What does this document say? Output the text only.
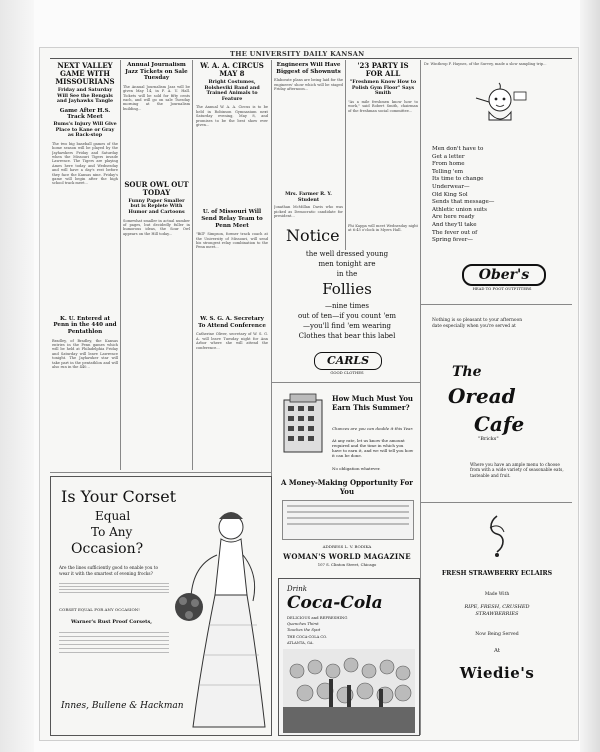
THE UNIVERSITY DAILY KANSAN
NEXT VALLEY GAME WITH MISSOURIANS
Friday and Saturday Will See the Bengals and Jayhawks Tangle
Game After H.S. Track Meet
Bums's Injury Will Give Place to Kane or Gray as Back-stop
The two big baseball games of the home season will be played by the Jayhawkers Friday and Saturday when the Missouri Tigers invade Lawrence. The Tigers are playing Ames here today and Wednesday and will have a day's rest before they face the Kansas nine. Friday's game will begin after the high school track meet...
K. U. Entered at Penn in the 440 and Pentathlon
Bradley, of Bradley, the Kansas entries in the Penn games which will be held at Philadelphia Friday and Saturday will leave Lawrence tonight. The Jayhawker star will take part in the pentathlon and will also run in the 440...
Annual Journalism Jazz Tickets on Sale Tuesday
The Annual Journalism Jazz will be given May 14, in F. A. U. Hall. Tickets will be sold for fifty cents each, and will go on sale Tuesday morning at the Journalism building...
SOUR OWL OUT TODAY
Funny Paper Smaller but is Replete With Humor and Cartoons
Somewhat smaller in actual number of pages, but decidedly fuller in humorous ideas, the Sour Owl appears on the Hill today...
W. A. A. CIRCUS MAY 8
Bright Costumes, Bolsheviki Band and Trained Animals to Feature
The Annual W. A. A. Circus is to be held in Robinson Gymnasium next Saturday evening, May 8, and promises to be the best show ever given...
U. of Missouri Will Send Relay Team to Penn Meet
"Bill" Simpson, former track coach at the University of Missouri, will send his strongest relay combination to the Penn meet...
W. S. G. A. Secretary To Attend Conference
Catherine Oliver, secretary of W. S. G. A. will leave Tuesday night for Ann Arbor where she will attend the conference...
Engineers Will Have Biggest of Shownuts
Elaborate plans are being laid for the engineers' show which will be staged Friday afternoon...
Mrs. Farmer R. Y. Student
Jonathan McMillan Davis who was picked as Democratic candidate for president...
'23 PARTY IS FOR ALL
"Freshmen Know How to Polish Gym Floor" Says Smith
"As a mile freshmen know how to work," said Robert Smith, chairman of the freshman social committee...
Phi Kappa will meet Wednesday night at 6:45 o'clock in Myers Hall.
Dr. Winthrop F. Haynes, of the Survey, made a slow sampling trip...
Men don't have to
Get a letter
From home
Telling 'em
Its time to change
Underwear—
Old King Sol
Sends that message—
Athletic union suits
Are here ready
And they'll take
The fever out of
Spring fever—
Ober's
HEAD TO FOOT OUTFITTERS
Nothing is so pleasant to your afternoon date especially when you're served at
The
Oread
Cafe
"Bricks"
Where you have an ample menu to choose from with a wide variety of seasonable eats, tasteable and fruit.
FRESH STRAWBERRY ECLAIRS
Made With
RIPE, FRESH, CRUSHED STRAWBERRIES
Now Being Served
At
Wiedie's
Notice
the well dressed young
men tonight are
in the
Follies
—nine times
out of ten—if you count 'em
—you'll find 'em wearing
Clothes that bear this label
CARLS
GOOD CLOTHES
How Much Must You Earn This Summer?
Chances are you can double it this Year.
At any rate, let us know the amount required and the time in which you have to earn it, and we will tell you how it can be done.
No obligation whatever.
A Money-Making Opportunity For You
ADDRESS L. V. BODIKA
WOMAN'S WORLD MAGAZINE
107 S. Clinton Street, Chicago
Drink
Coca-Cola
DELICIOUS and REFRESHING
Quenches Thirst
Touches the Spot
THE COCA-COLA CO.
ATLANTA, GA.
Is Your Corset
Equal
To Any
Occasion?
Are the lines sufficiently good to enable you to wear it with the smartest of evening frocks?
CORSET EQUAL FOR ANY OCCASION!
Warner's Rust Proof Corsets,
Innes, Bullene & Hackman
